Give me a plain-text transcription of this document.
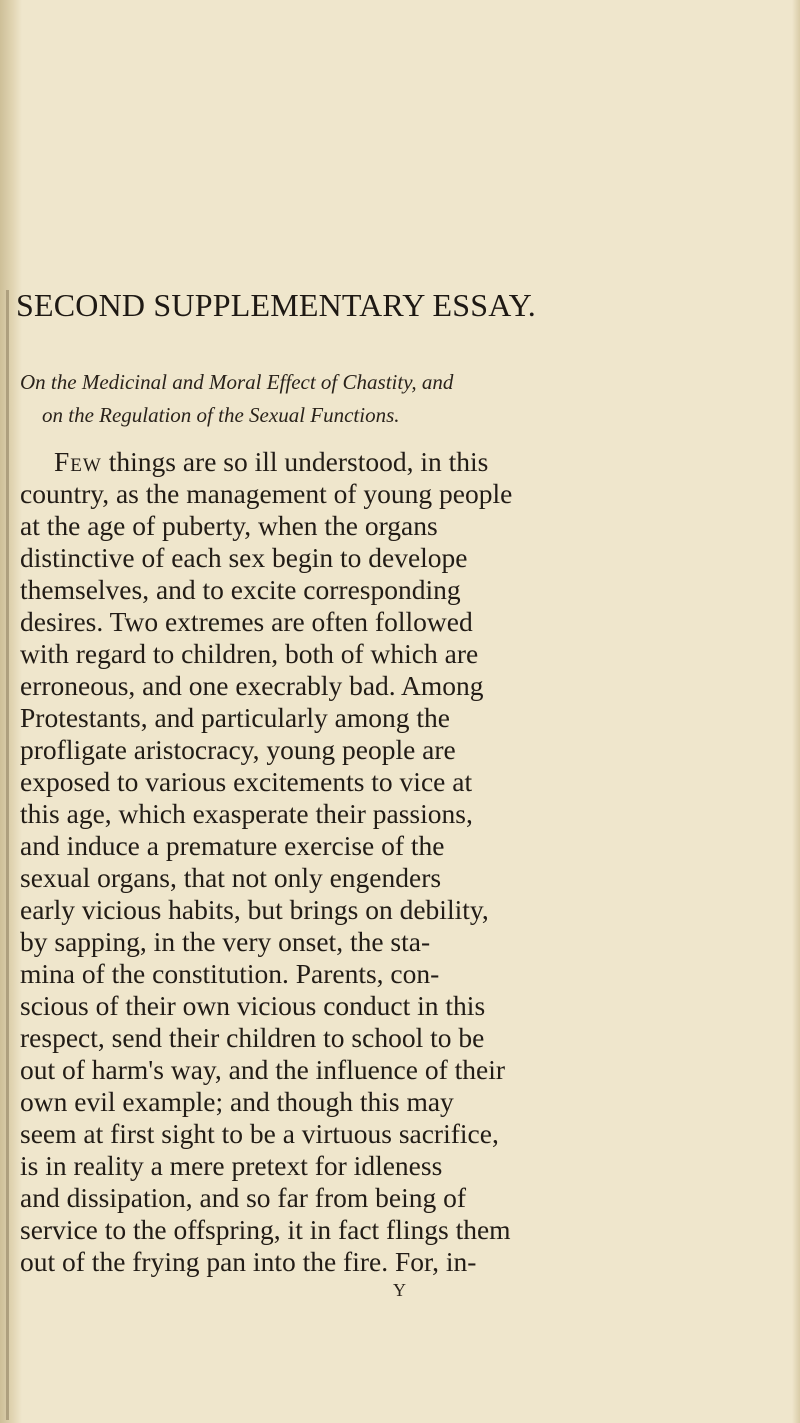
SECOND SUPPLEMENTARY ESSAY.
On the Medicinal and Moral Effect of Chastity, and
on the Regulation of the Sexual Functions.
Few things are so ill understood, in this
country, as the management of young people
at the age of puberty, when the organs
distinctive of each sex begin to develope
themselves, and to excite corresponding
desires. Two extremes are often followed
with regard to children, both of which are
erroneous, and one execrably bad. Among
Protestants, and particularly among the
profligate aristocracy, young people are
exposed to various excitements to vice at
this age, which exasperate their passions,
and induce a premature exercise of the
sexual organs, that not only engenders
early vicious habits, but brings on debility,
by sapping, in the very onset, the sta-
mina of the constitution. Parents, con-
scious of their own vicious conduct in this
respect, send their children to school to be
out of harm's way, and the influence of their
own evil example; and though this may
seem at first sight to be a virtuous sacrifice,
is in reality a mere pretext for idleness
and dissipation, and so far from being of
service to the offspring, it in fact flings them
out of the frying pan into the fire. For, in-
Y
